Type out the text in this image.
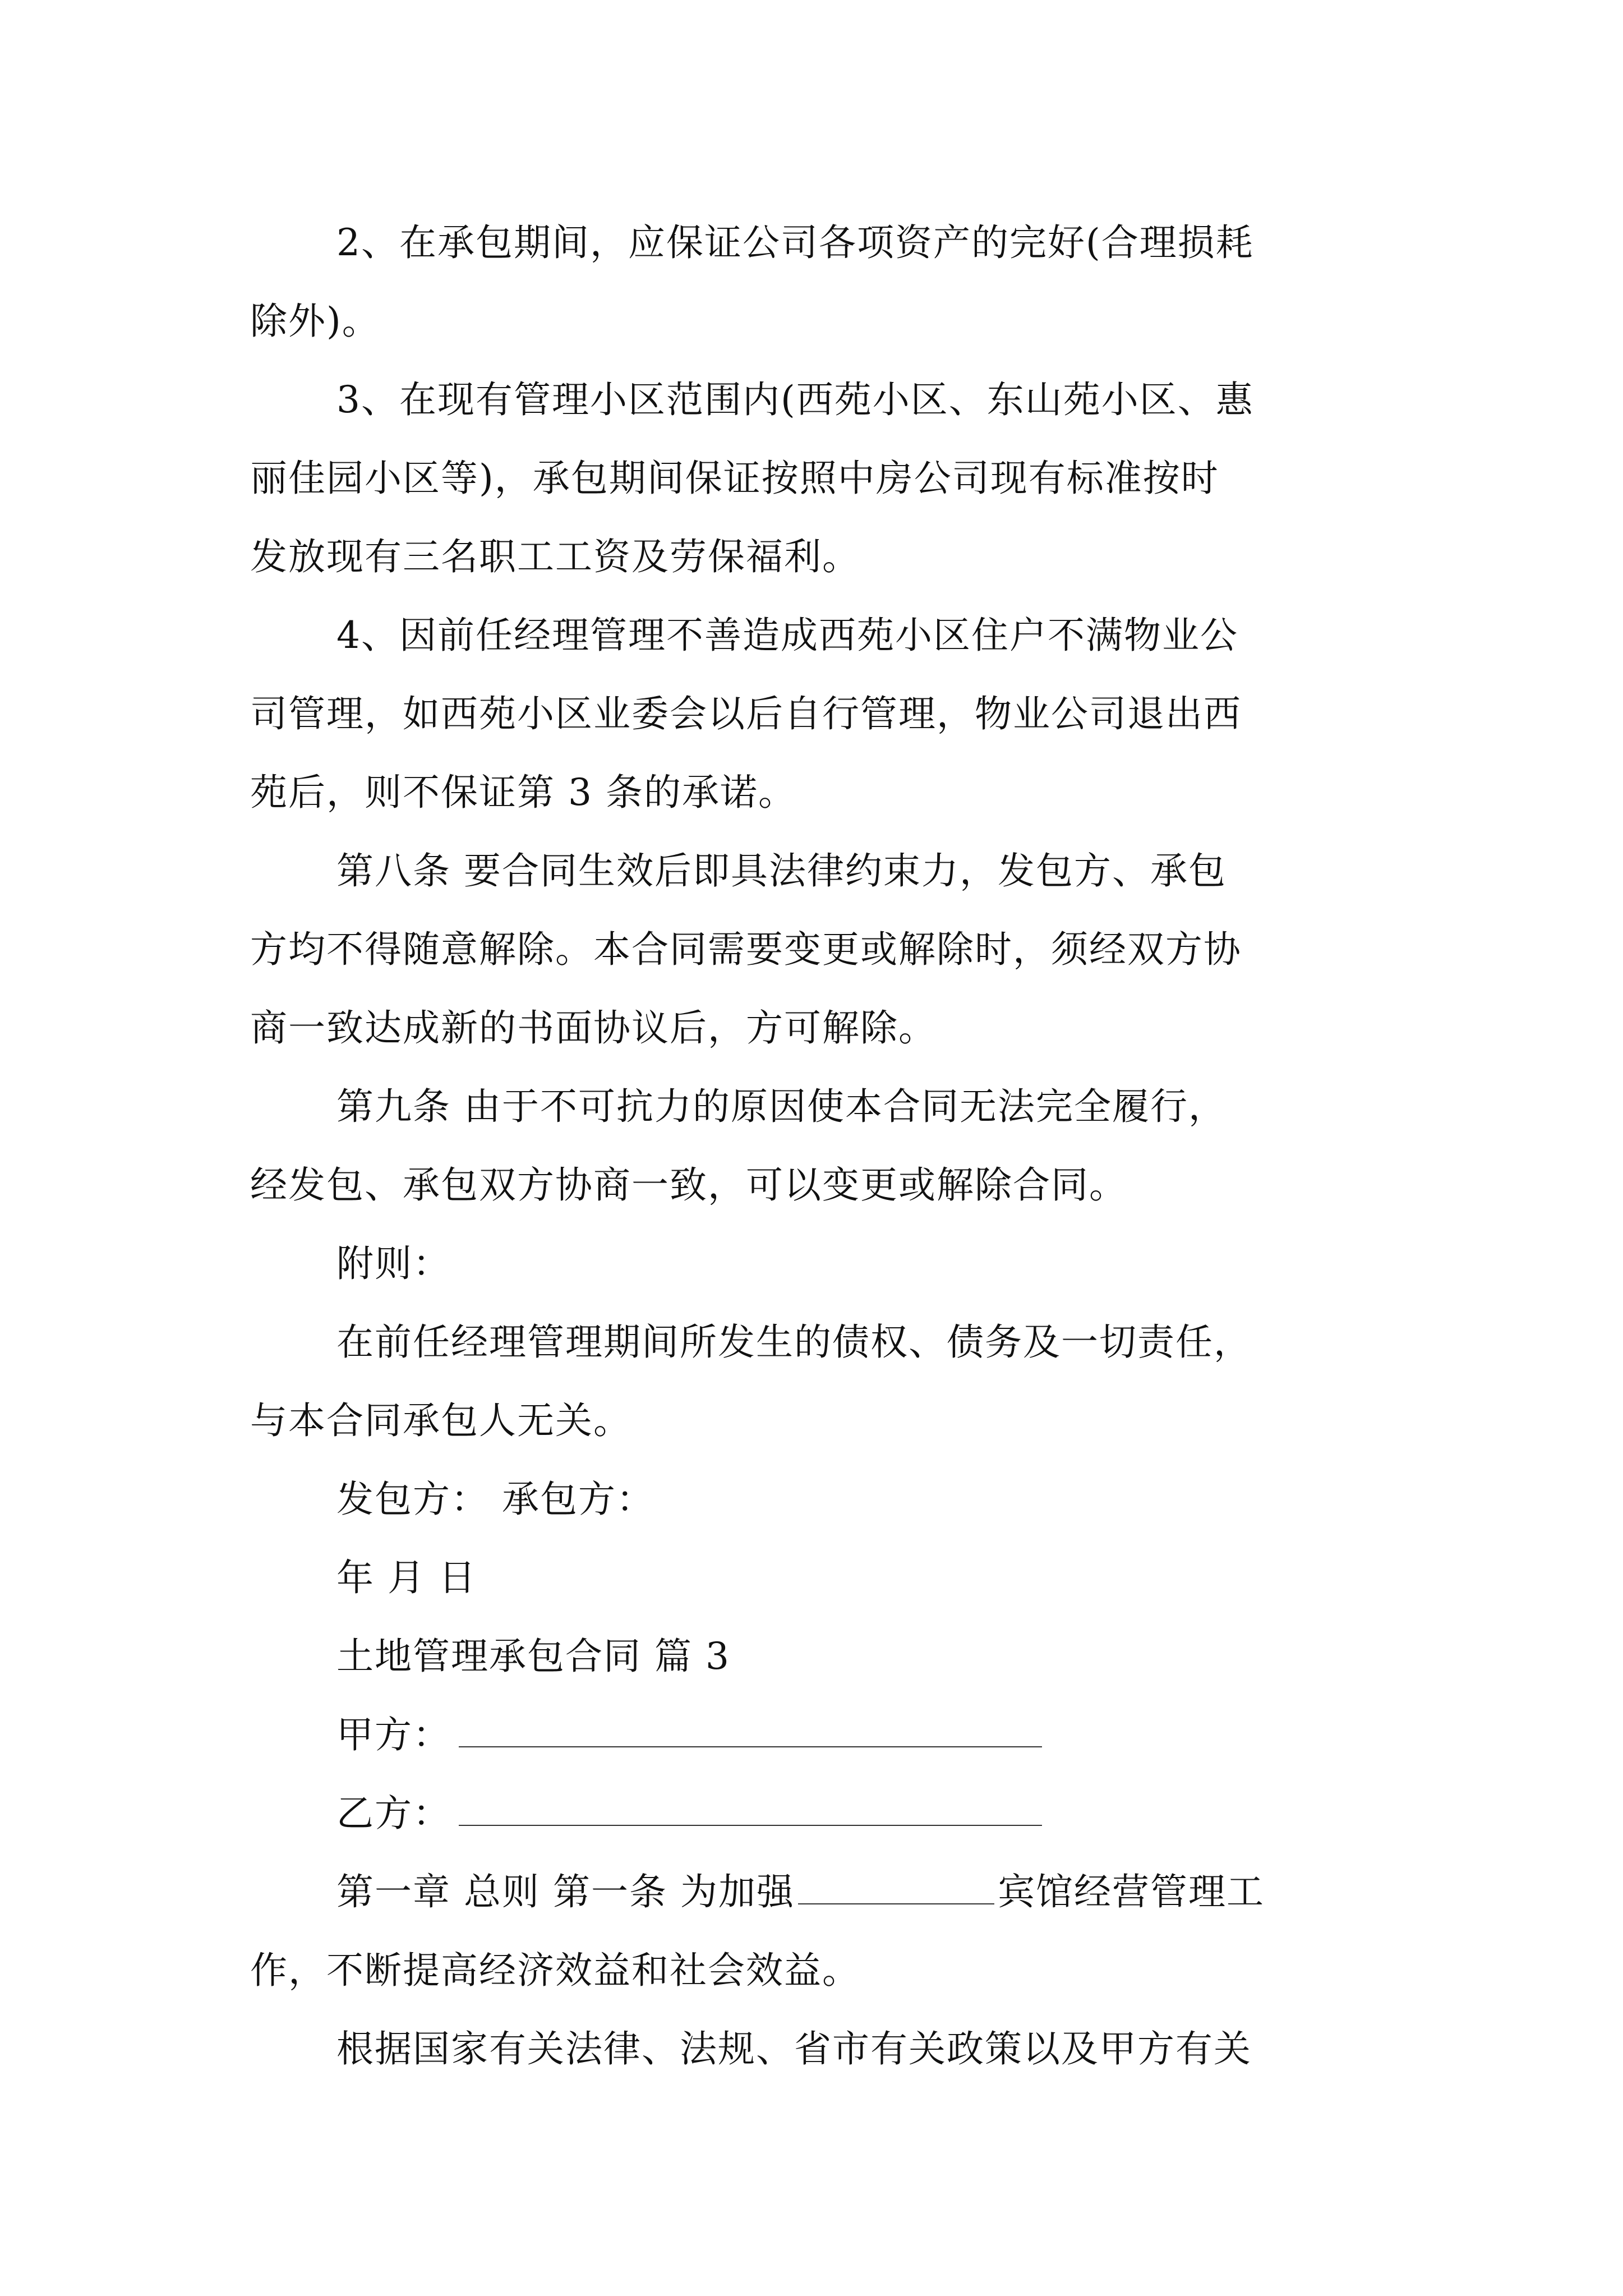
2、在承包期间，应保证公司各项资产的完好(合理损耗
除外)。
3、在现有管理小区范围内(西苑小区、东山苑小区、惠
丽佳园小区等)，承包期间保证按照中房公司现有标准按时
发放现有三名职工工资及劳保福利。
4、因前任经理管理不善造成西苑小区住户不满物业公
司管理，如西苑小区业委会以后自行管理，物业公司退出西
苑后，则不保证第 3 条的承诺。
第八条 要合同生效后即具法律约束力，发包方、承包
方均不得随意解除。本合同需要变更或解除时，须经双方协
商一致达成新的书面协议后，方可解除。
第九条 由于不可抗力的原因使本合同无法完全履行，
经发包、承包双方协商一致，可以变更或解除合同。
附则：
在前任经理管理期间所发生的债权、债务及一切责任，
与本合同承包人无关。
发包方： 承包方：
年 月 日
土地管理承包合同 篇 3
甲方：
乙方：
第一章 总则 第一条 为加强	宾馆经营管理工
作，不断提高经济效益和社会效益。
根据国家有关法律、法规、省市有关政策以及甲方有关
